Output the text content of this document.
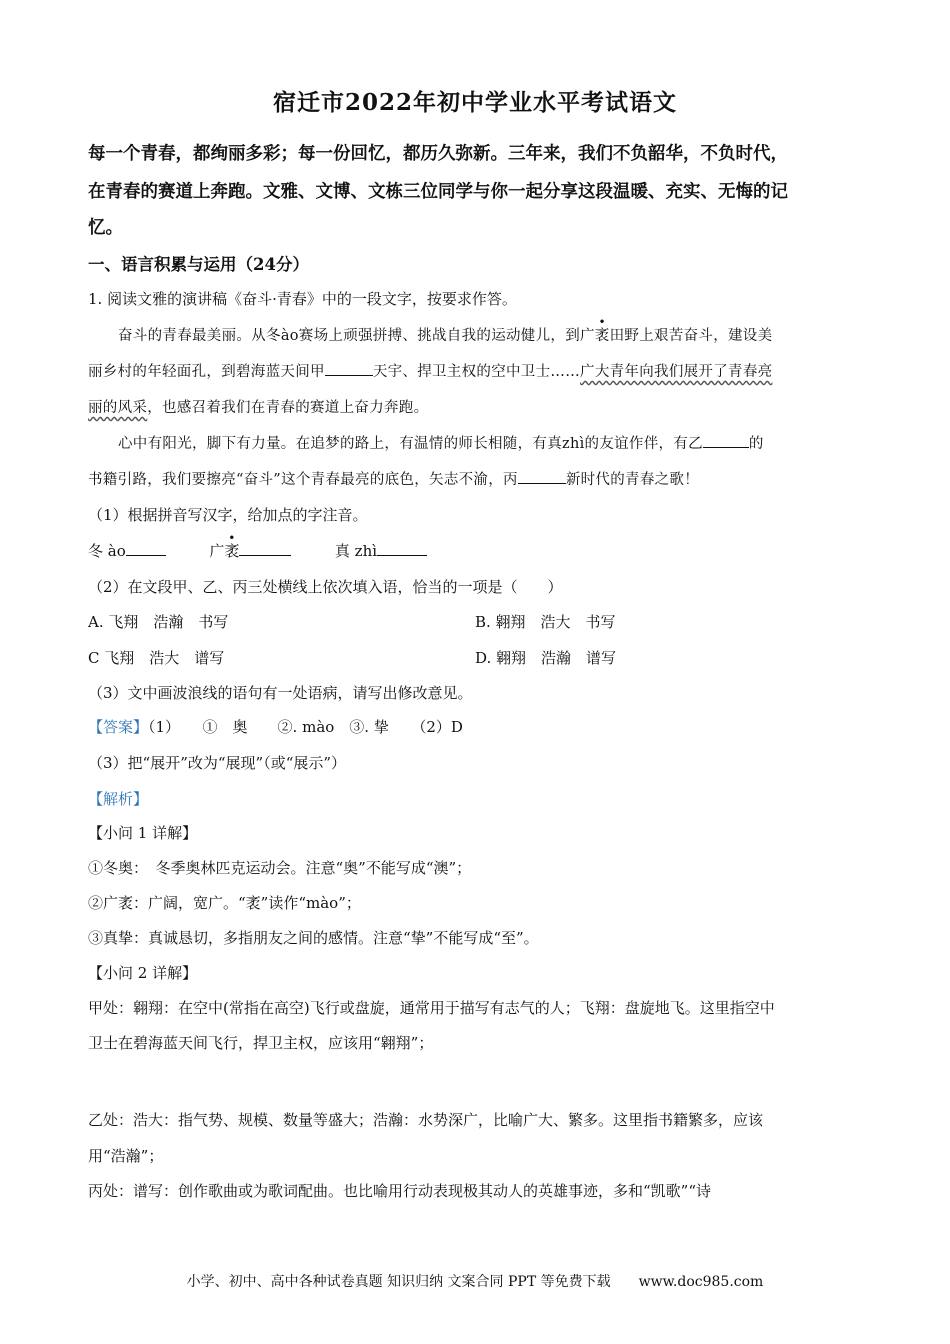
宿迁市2022年初中学业水平考试语文
每一个青春，都绚丽多彩；每一份回忆，都历久弥新。三年来，我们不负韶华，不负时代，
在青春的赛道上奔跑。文雅、文博、文栋三位同学与你一起分享这段温暖、充实、无悔的记
忆。
一、语言积累与运用（24分）
1. 阅读文雅的演讲稿《奋斗·青春》中的一段文字，按要求作答。
奋斗的青春最美丽。从冬ào赛场上顽强拼搏、挑战自我的运动健儿，到广
•
袤田野上艰苦奋斗，建设美
丽乡村的年轻面孔，到碧海蓝天间甲	天宇、捍卫主权的空中卫士……广大青年向我们展开了青春亮
丽的风采，也感召着我们在青春的赛道上奋力奔跑。
心中有阳光，脚下有力量。在追梦的路上，有温情的师长相随，有真zhì的友谊作伴，有乙	的
书籍引路，我们要擦亮“奋斗”这个青春最亮的底色，矢志不渝，丙	新时代的青春之歌！
（1）根据拼音写汉字，给加点的字注音。
冬 ào	广
•
袤	真 zhì
（2）在文段甲、乙、丙三处横线上依次填入语，恰当的一项是（　　）
A. 飞翔　浩瀚　书写	B. 翱翔　浩大　书写
C 飞翔　浩大　谱写	D. 翱翔　浩瀚　谱写
（3）文中画波浪线的语句有一处语病，请写出修改意见。
【答案】（1）　　①　奥　　②. mào　③. 挚　　（2）D
（3）把“展开”改为“展现”（或“展示”）
【解析】
【小问 1 详解】
①冬奥：　冬季奥林匹克运动会。注意“奥”不能写成“澳”；
②广袤：广阔，宽广。“袤”读作“mào”；
③真挚：真诚恳切，多指朋友之间的感情。注意“挚”不能写成“至”。
【小问 2 详解】
甲处：翱翔：在空中(常指在高空)飞行或盘旋，通常用于描写有志气的人；飞翔：盘旋地飞。这里指空中
卫士在碧海蓝天间飞行，捍卫主权，应该用“翱翔”；
乙处：浩大：指气势、规模、数量等盛大；浩瀚：水势深广，比喻广大、繁多。这里指书籍繁多，应该
用“浩瀚”；
丙处：谱写：创作歌曲或为歌词配曲。也比喻用行动表现极其动人的英雄事迹，多和“凯歌”“诗
小学、初中、高中各种试卷真题 知识归纳 文案合同 PPT 等免费下载　　www.doc985.com
